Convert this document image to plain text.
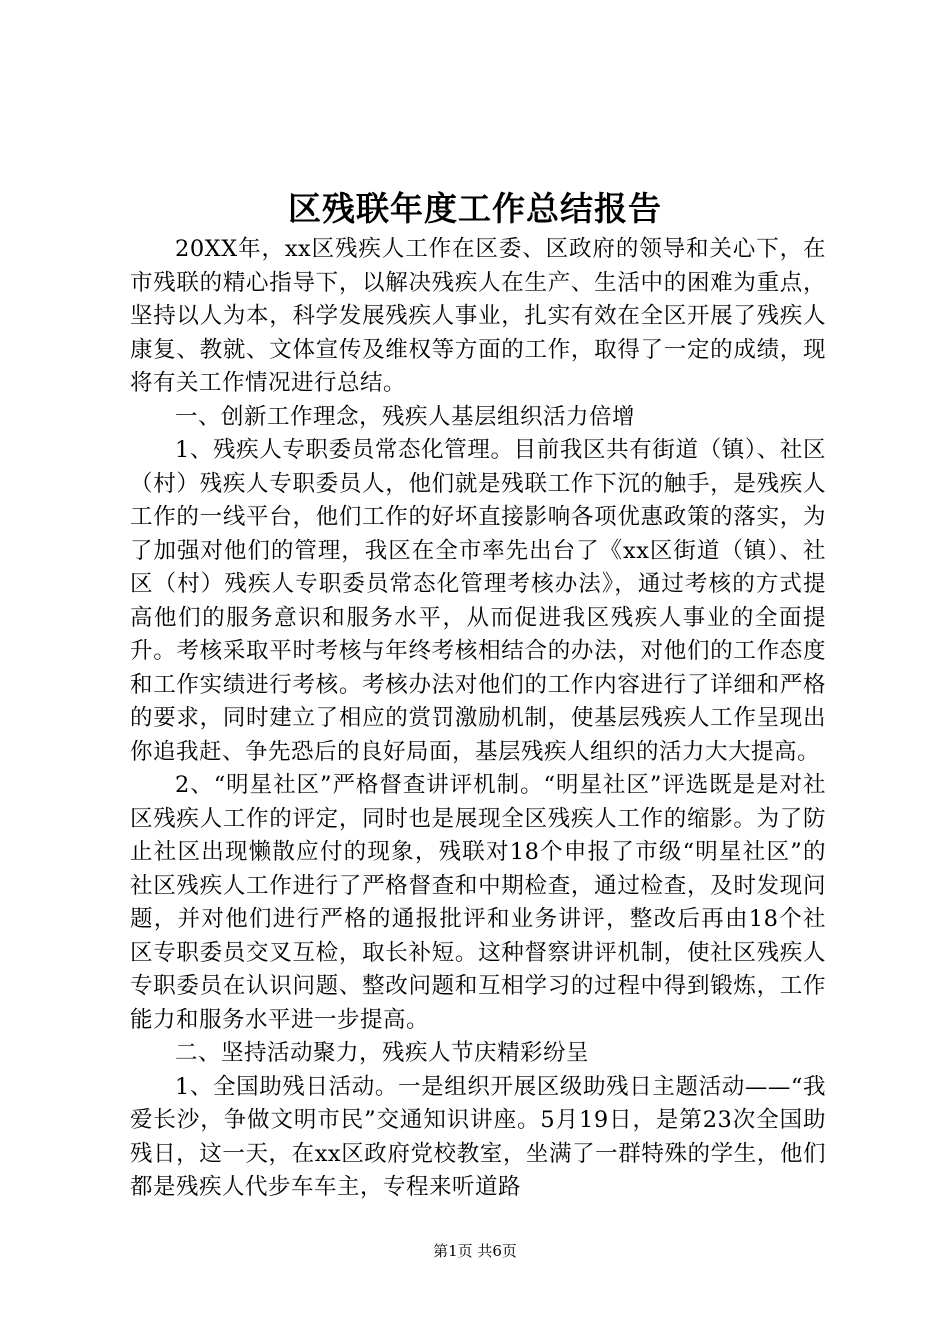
区残联年度工作总结报告

20XX年，xx区残疾人工作在区委、区政府的领导和关心下，在市残联的精心指导下，以解决残疾人在生产、生活中的困难为重点，坚持以人为本，科学发展残疾人事业，扎实有效在全区开展了残疾人康复、教就、文体宣传及维权等方面的工作，取得了一定的成绩，现将有关工作情况进行总结。

一、创新工作理念，残疾人基层组织活力倍增

1、残疾人专职委员常态化管理。目前我区共有街道（镇）、社区（村）残疾人专职委员人，他们就是残联工作下沉的触手，是残疾人工作的一线平台，他们工作的好坏直接影响各项优惠政策的落实，为了加强对他们的管理，我区在全市率先出台了《xx区街道（镇）、社区（村）残疾人专职委员常态化管理考核办法》，通过考核的方式提高他们的服务意识和服务水平，从而促进我区残疾人事业的全面提升。考核采取平时考核与年终考核相结合的办法，对他们的工作态度和工作实绩进行考核。考核办法对他们的工作内容进行了详细和严格的要求，同时建立了相应的赏罚激励机制，使基层残疾人工作呈现出你追我赶、争先恐后的良好局面，基层残疾人组织的活力大大提高。

2、“明星社区”严格督查讲评机制。“明星社区”评选既是是对社区残疾人工作的评定，同时也是展现全区残疾人工作的缩影。为了防止社区出现懒散应付的现象，残联对18个申报了市级“明星社区”的社区残疾人工作进行了严格督查和中期检查，通过检查，及时发现问题，并对他们进行严格的通报批评和业务讲评，整改后再由18个社区专职委员交叉互检，取长补短。这种督察讲评机制，使社区残疾人专职委员在认识问题、整改问题和互相学习的过程中得到锻炼，工作能力和服务水平进一步提高。

二、坚持活动聚力，残疾人节庆精彩纷呈

1、全国助残日活动。一是组织开展区级助残日主题活动——“我爱长沙，争做文明市民”交通知识讲座。5月19日，是第23次全国助残日，这一天，在xx区政府党校教室，坐满了一群特殊的学生，他们都是残疾人代步车车主，专程来听道路

第1页 共6页
